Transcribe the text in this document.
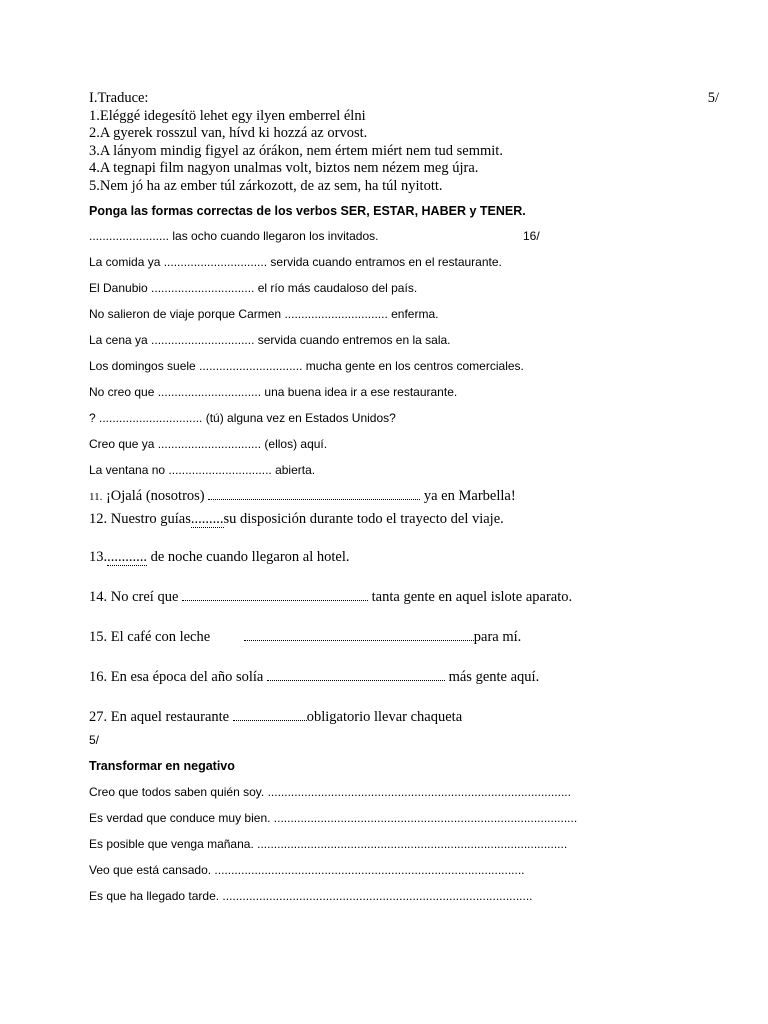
I.Traduce:	5/
1.Eléggé idegesítö lehet egy ilyen emberrel élni
2.A gyerek rosszul van, hívd ki hozzá az orvost.
3.A lányom mindig figyel az órákon, nem értem miért nem tud semmit.
4.A tegnapi film nagyon unalmas volt, biztos nem nézem meg újra.
5.Nem jó ha az ember túl zárkozott, de az sem, ha túl nyitott.
Ponga las formas correctas de los verbos SER, ESTAR, HABER y TENER.
........................ las ocho cuando llegaron los invitados.	16/
La comida ya ............................... servida cuando entramos en el restaurante.
El Danubio ............................... el río más caudaloso del país.
No salieron de viaje porque Carmen ............................... enferma.
La cena ya ............................... servida cuando entremos en la sala.
Los domingos suele ............................... mucha gente en los centros comerciales.
No creo que ............................... una buena idea ir a ese restaurante.
? ............................... (tú) alguna vez en Estados Unidos?
Creo que ya ............................... (ellos) aquí.
La ventana no ............................... abierta.
11. ¡Ojalá (nosotros)	ya en Marbella!
12. Nuestro guías.........su disposición durante todo el trayecto del viaje.
13............ de noche cuando llegaron al hotel.
14. No creí que	tanta gente en aquel islote aparato.
15. El café con leche	para mí.
16. En esa época del año solía	más gente aquí.
27. En aquel restaurante	obligatorio llevar chaqueta
5/
Transformar en negativo
Creo que todos saben quién soy. ...........................................................................................
Es verdad que conduce muy bien. ...........................................................................................
Es posible que venga mañana. .............................................................................................
Veo que está cansado. .............................................................................................
Es que ha llegado tarde. .............................................................................................
